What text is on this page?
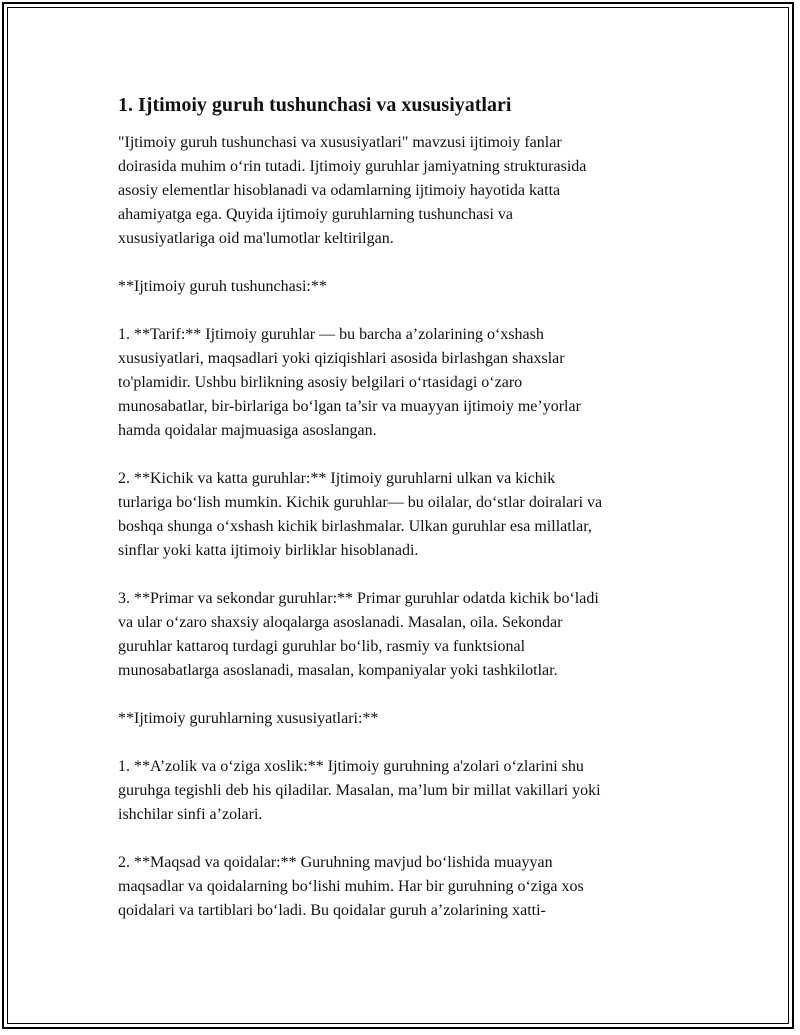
1. Ijtimoiy guruh tushunchasi va xususiyatlari

"Ijtimoiy guruh tushunchasi va xususiyatlari" mavzusi ijtimoiy fanlar
doirasida muhim o‘rin tutadi. Ijtimoiy guruhlar jamiyatning strukturasida
asosiy elementlar hisoblanadi va odamlarning ijtimoiy hayotida katta
ahamiyatga ega. Quyida ijtimoiy guruhlarning tushunchasi va
xususiyatlariga oid ma'lumotlar keltirilgan.

**Ijtimoiy guruh tushunchasi:**

1. **Tarif:** Ijtimoiy guruhlar — bu barcha a’zolarining o‘xshash
xususiyatlari, maqsadlari yoki qiziqishlari asosida birlashgan shaxslar
to'plamidir. Ushbu birlikning asosiy belgilari o‘rtasidagi o‘zaro
munosabatlar, bir-birlariga bo‘lgan ta’sir va muayyan ijtimoiy me’yorlar
hamda qoidalar majmuasiga asoslangan.

2. **Kichik va katta guruhlar:** Ijtimoiy guruhlarni ulkan va kichik
turlariga bo‘lish mumkin. Kichik guruhlar— bu oilalar, do‘stlar doiralari va
boshqa shunga o‘xshash kichik birlashmalar. Ulkan guruhlar esa millatlar,
sinflar yoki katta ijtimoiy birliklar hisoblanadi.

3. **Primar va sekondar guruhlar:** Primar guruhlar odatda kichik bo‘ladi
va ular o‘zaro shaxsiy aloqalarga asoslanadi. Masalan, oila. Sekondar
guruhlar kattaroq turdagi guruhlar bo‘lib, rasmiy va funktsional
munosabatlarga asoslanadi, masalan, kompaniyalar yoki tashkilotlar.

**Ijtimoiy guruhlarning xususiyatlari:**

1. **A’zolik va o‘ziga xoslik:** Ijtimoiy guruhning a'zolari o‘zlarini shu
guruhga tegishli deb his qiladilar. Masalan, ma’lum bir millat vakillari yoki
ishchilar sinfi a’zolari.

2. **Maqsad va qoidalar:** Guruhning mavjud bo‘lishida muayyan
maqsadlar va qoidalarning bo‘lishi muhim. Har bir guruhning o‘ziga xos
qoidalari va tartiblari bo‘ladi. Bu qoidalar guruh a’zolarining xatti-
